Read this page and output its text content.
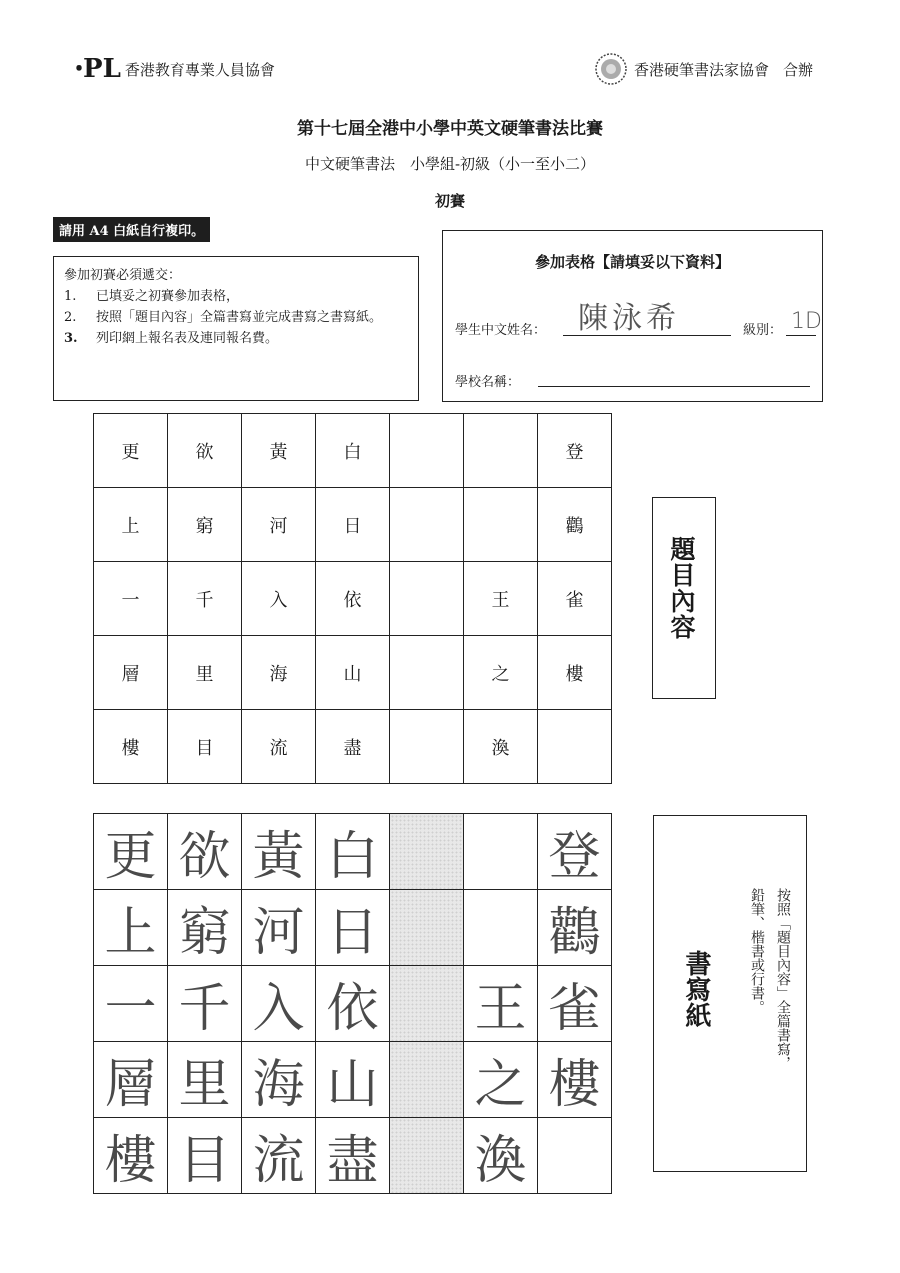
ꞏPL 香港教育專業人員協會	香港硬筆書法家協會 合辦
第十七屆全港中小學中英文硬筆書法比賽
中文硬筆書法　小學組-初級（小一至小二）
初賽
請用 A4 白紙自行複印。
參加初賽必須遞交：
1.	已填妥之初賽參加表格，
2.	按照「題目內容」全篇書寫並完成書寫之書寫紙。
3.	列印網上報名表及連同報名費。
參加表格【請填妥以下資料】
學生中文姓名： 陳泳希	級別： 1D
學校名稱：
更	欲	黃	白			登
上	窮	河	日			鸛
一	千	入	依		王	雀
層	里	海	山		之	樓
樓	目	流	盡		渙	
題目內容
更	欲	黃	白			登
上	窮	河	日			鸛
一	千	入	依		王	雀
層	里	海	山		之	樓
樓	目	流	盡		渙	
按照「題目內容」全篇書寫，
鉛筆、楷書或行書。
書寫紙
